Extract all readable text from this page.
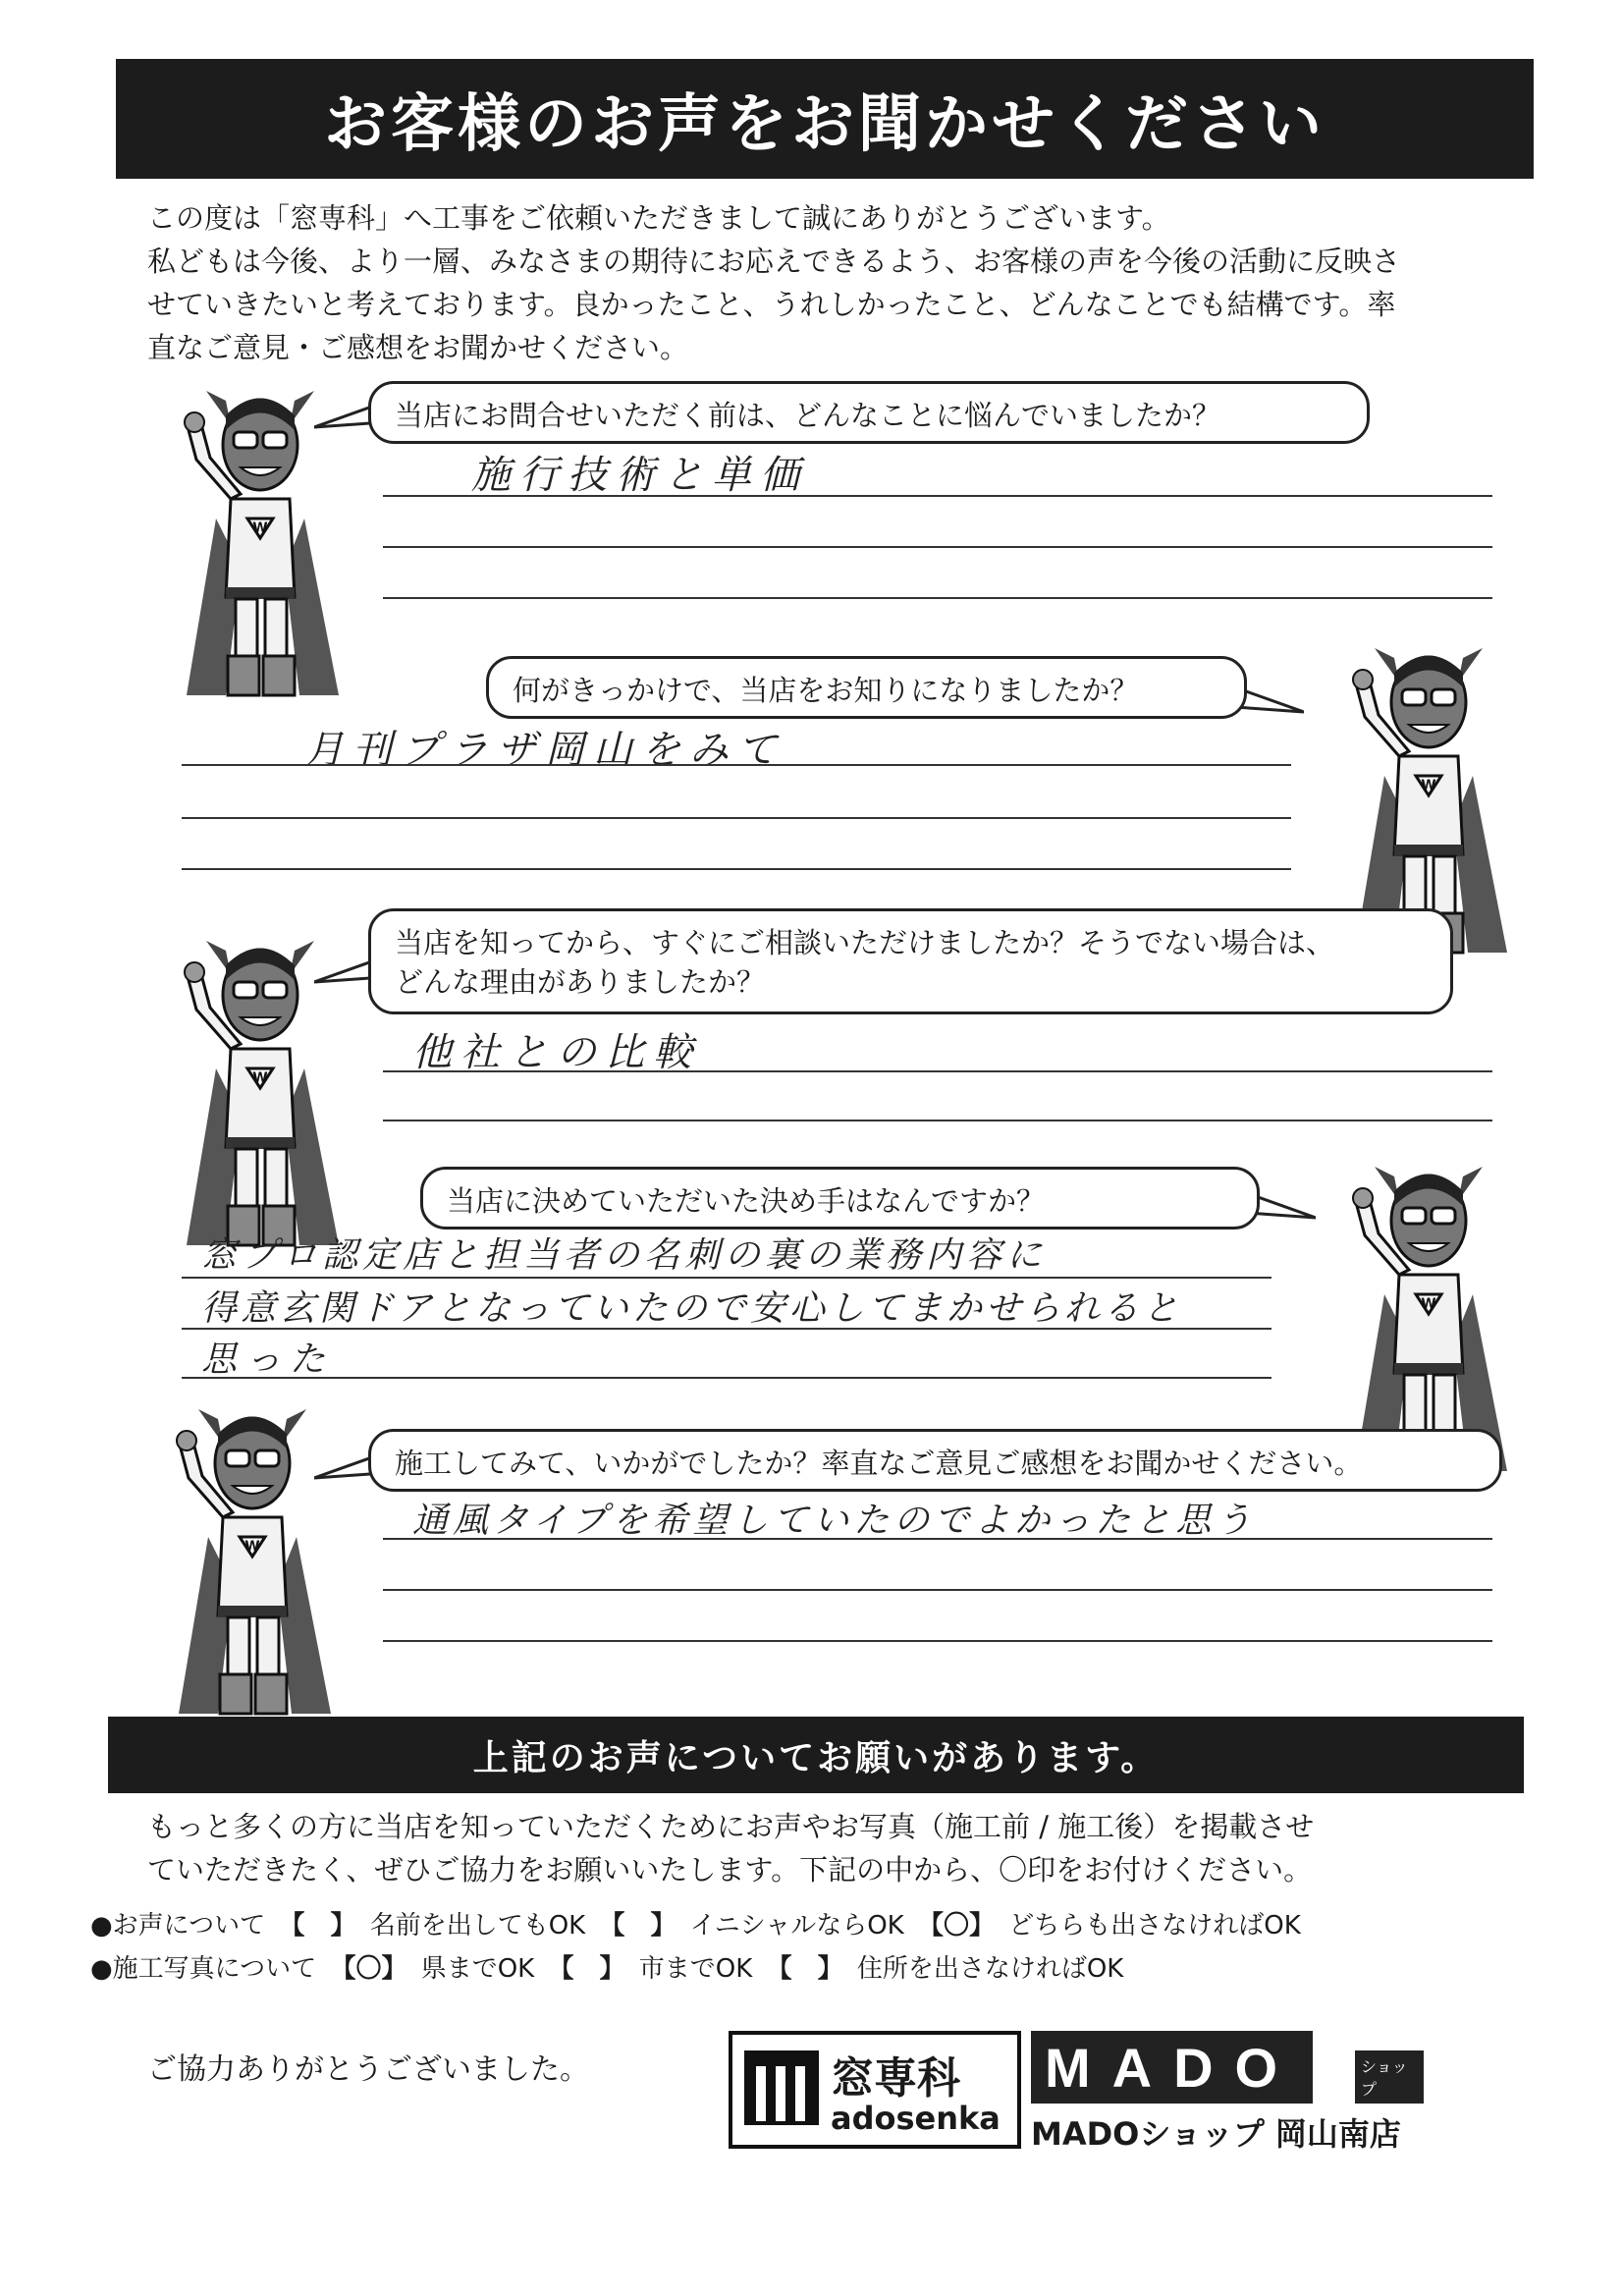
お客様のお声をお聞かせください

この度は「窓専科」へ工事をご依頼いただきまして誠にありがとうございます。

私どもは今後、より一層、みなさまの期待にお応えできるよう、お客様の声を今後の活動に反映さ

せていきたいと考えております。良かったこと、うれしかったこと、どんなことでも結構です。率

直なご意見・ご感想をお聞かせください。

当店にお問合せいただく前は、どんなことに悩んでいましたか？
施行技術と単価
何がきっかけで、当店をお知りになりましたか？
月刊プラザ岡山をみて
当店を知ってから、すぐにご相談いただけましたか？そうでない場合は、
どんな理由がありましたか？
他社との比較
当店に決めていただいた決め手はなんですか？
窓プロ認定店と担当者の名刺の裏の業務内容に
得意玄関ドアとなっていたので安心してまかせられると
思った
施工してみて、いかがでしたか？率直なご意見ご感想をお聞かせください。
通風タイプを希望していたのでよかったと思う
上記のお声についてお願いがあります。
もっと多くの方に当店を知っていただくためにお声やお写真（施工前 / 施工後）を掲載させ
ていただきたく、ぜひご協力をお願いいたします。下記の中から、〇印をお付けください。
●お声について 【　】 名前を出してもOK 【　】 イニシャルならOK 【〇】 どちらも出さなければOK
●施工写真について 【〇】 県までOK 【　】 市までOK 【　】 住所を出さなければOK
ご協力ありがとうございました。	窓専科
adosenka
MADO	ショップ
MADOショップ 岡山南店
